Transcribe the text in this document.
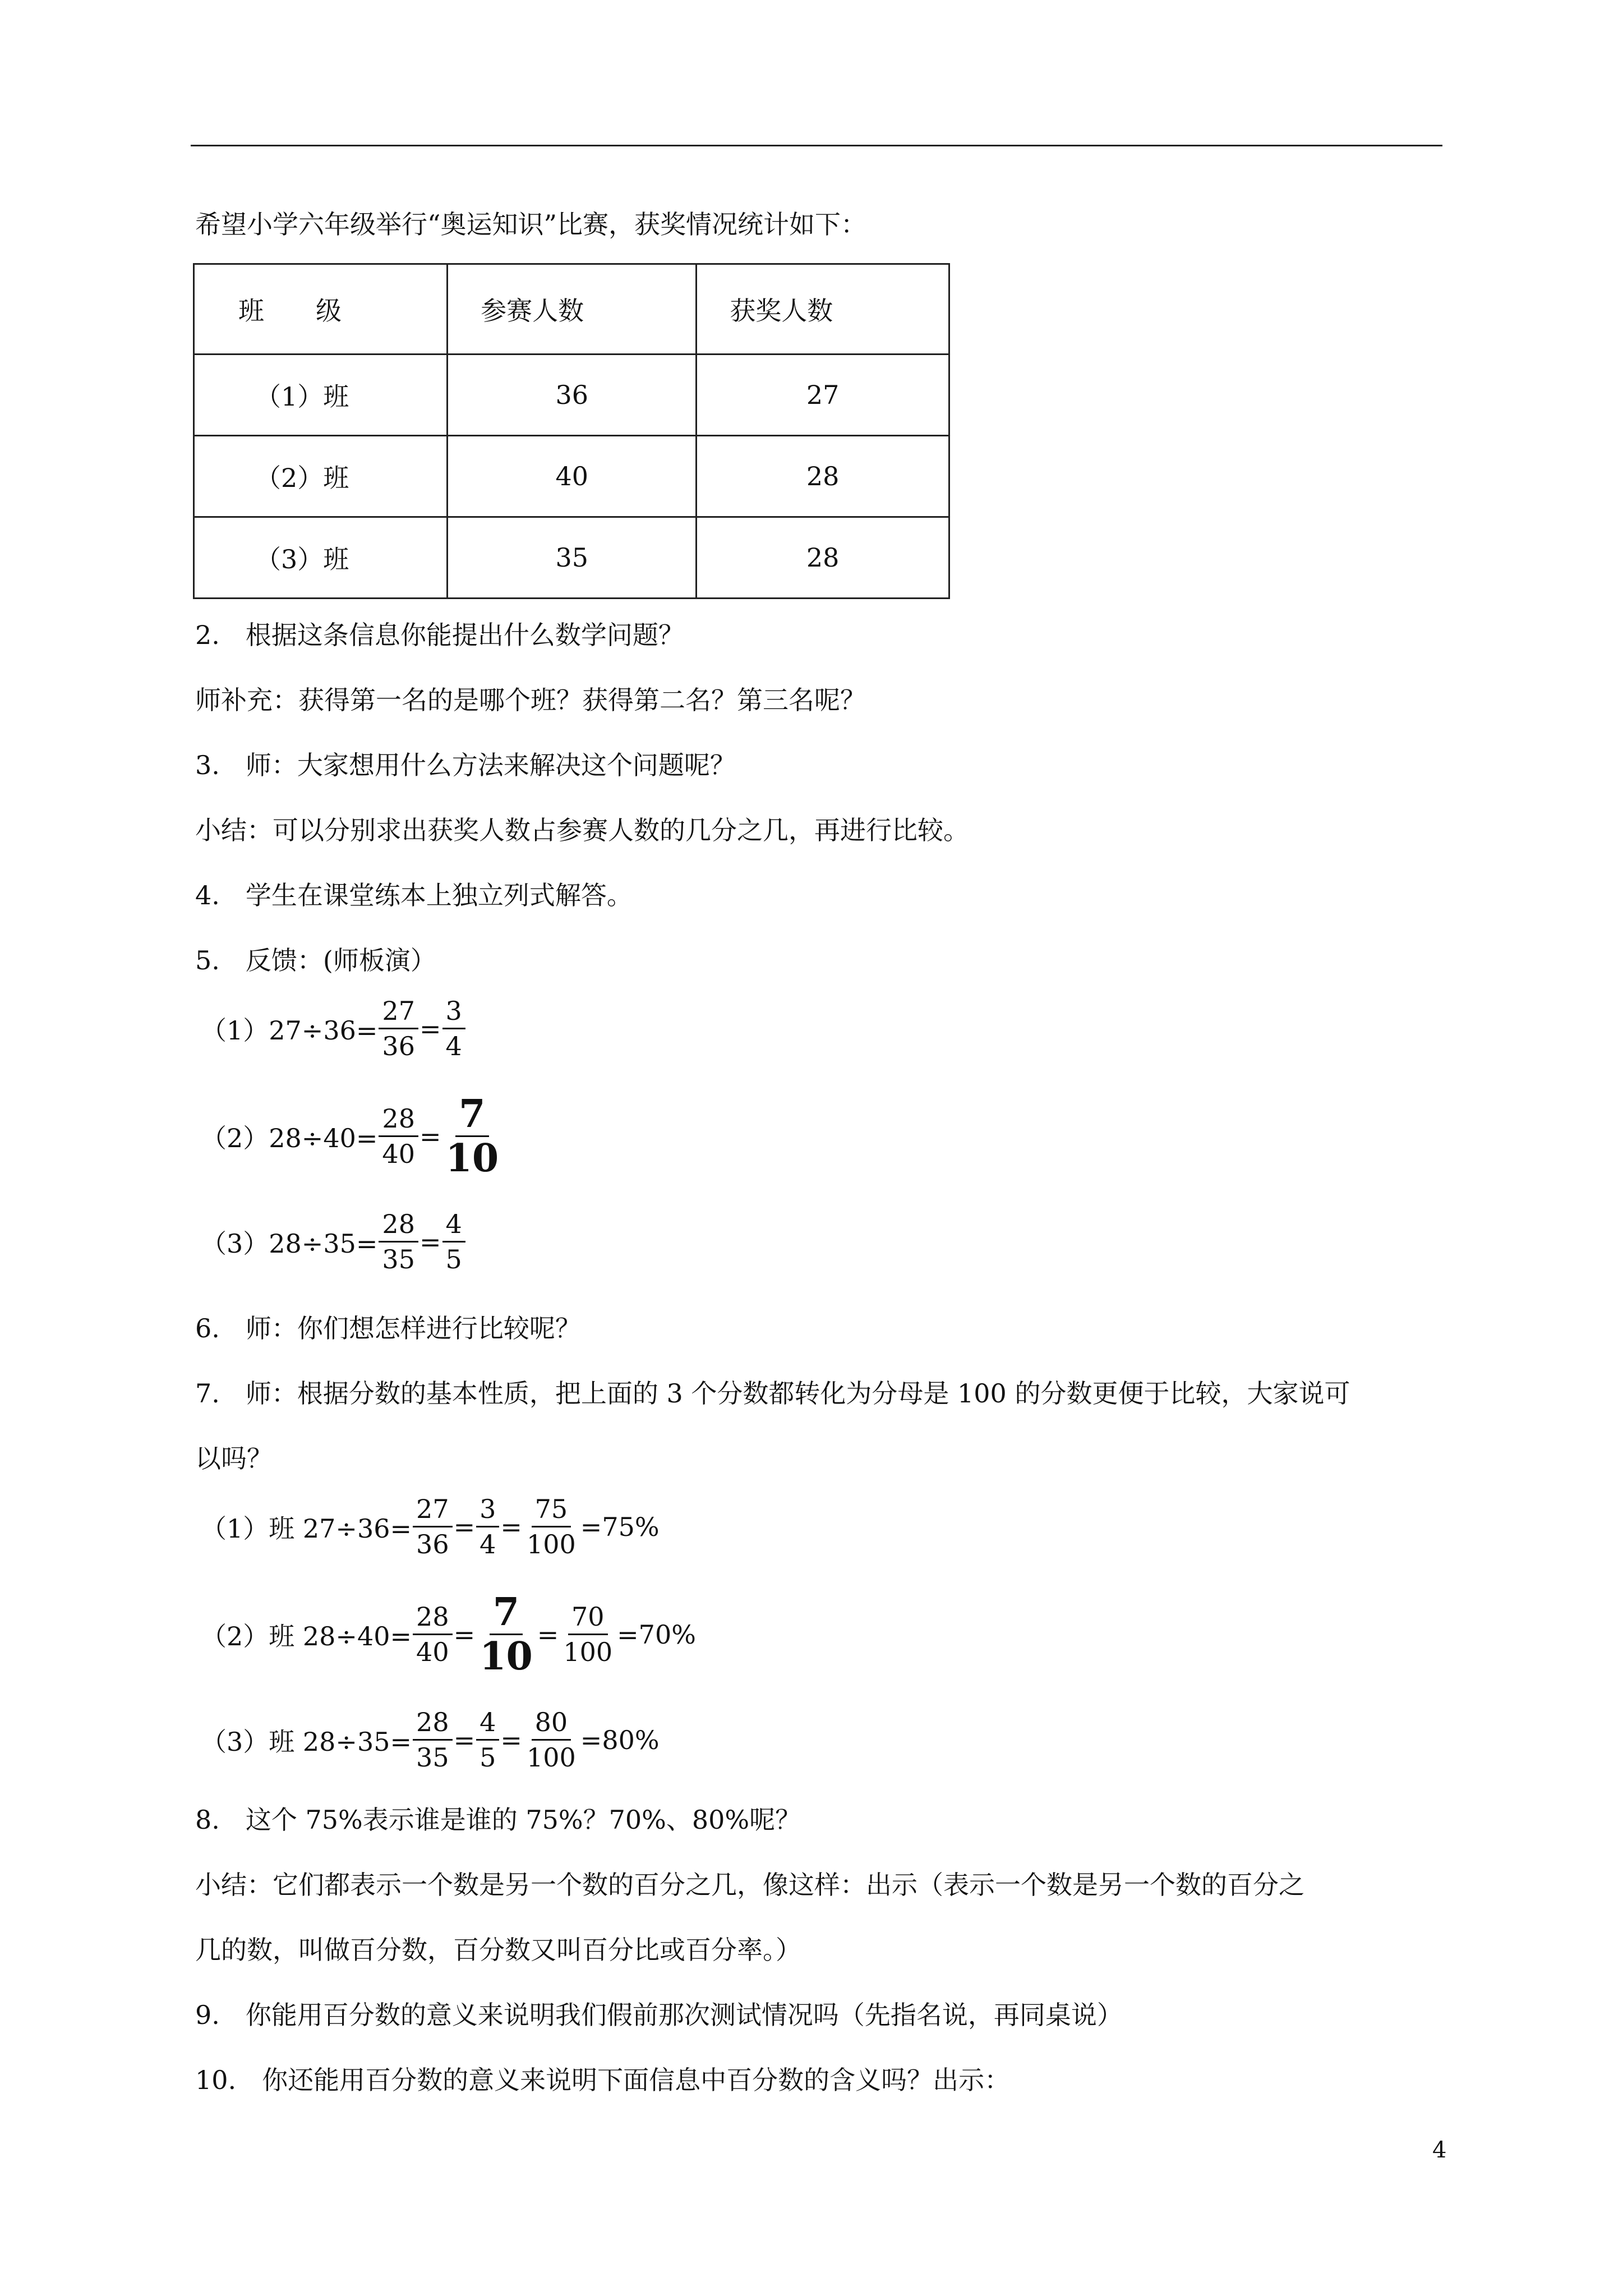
希望小学六年级举行“奥运知识”比赛，获奖情况统计如下：
班　　级	参赛人数	获奖人数
（1）班	36	27
（2）班	40	28
（3）班	35	28
2.　根据这条信息你能提出什么数学问题？
师补充：获得第一名的是哪个班？获得第二名？第三名呢？
3.　师：大家想用什么方法来解决这个问题呢？
小结：可以分别求出获奖人数占参赛人数的几分之几，再进行比较。
4.　学生在课堂练本上独立列式解答。
5.　反馈：(师板演）
$(1)27\div 36= \frac{27}{36} = \frac{3}{4}$
$(2)28\div 40= \frac{28}{40} = \frac{7}{10}$
$(3)28\div 35= \frac{28}{35} = \frac{4}{5}$
6.　师：你们想怎样进行比较呢？
7.　师：根据分数的基本性质，把上面的 3 个分数都转化为分母是 100 的分数更便于比较，大家说可
以吗？
（1）班 $27\div 36= \frac{27}{36} = \frac{3}{4} = \frac{75}{100} =75\%$
（2）班 $28\div 40= \frac{28}{40} = \frac{7}{10} = \frac{70}{100} =70\%$
（3）班 $28\div 35= \frac{28}{35} = \frac{4}{5} = \frac{80}{100} =80\%$
8.　这个 75%表示谁是谁的 75%？70%、80%呢？
小结：它们都表示一个数是另一个数的百分之几，像这样：出示（表示一个数是另一个数的百分之
几的数，叫做百分数，百分数又叫百分比或百分率。）
9.　你能用百分数的意义来说明我们假前那次测试情况吗（先指名说，再同桌说）
10.　你还能用百分数的意义来说明下面信息中百分数的含义吗？出示：
4
